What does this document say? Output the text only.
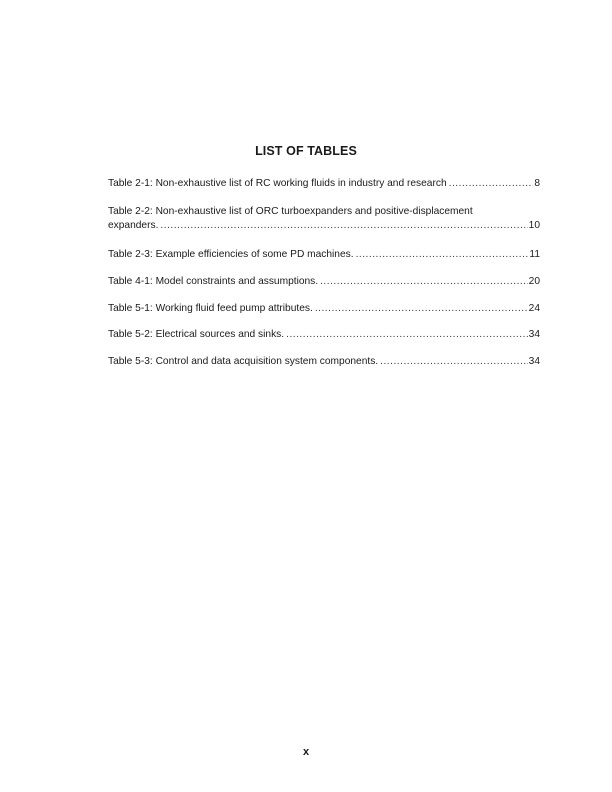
LIST OF TABLES
Table 2-1: Non-exhaustive list of RC working fluids in industry and research .....	8
Table 2-2: Non-exhaustive list of ORC turboexpanders and positive-displacement
expanders. .....	10
Table 2-3: Example efficiencies of some PD machines. .....	11
Table 4-1: Model constraints and assumptions. .....	20
Table 5-1: Working fluid feed pump attributes. .....	24
Table 5-2: Electrical sources and sinks. .....	34
Table 5-3: Control and data acquisition system components. .....	34

x
